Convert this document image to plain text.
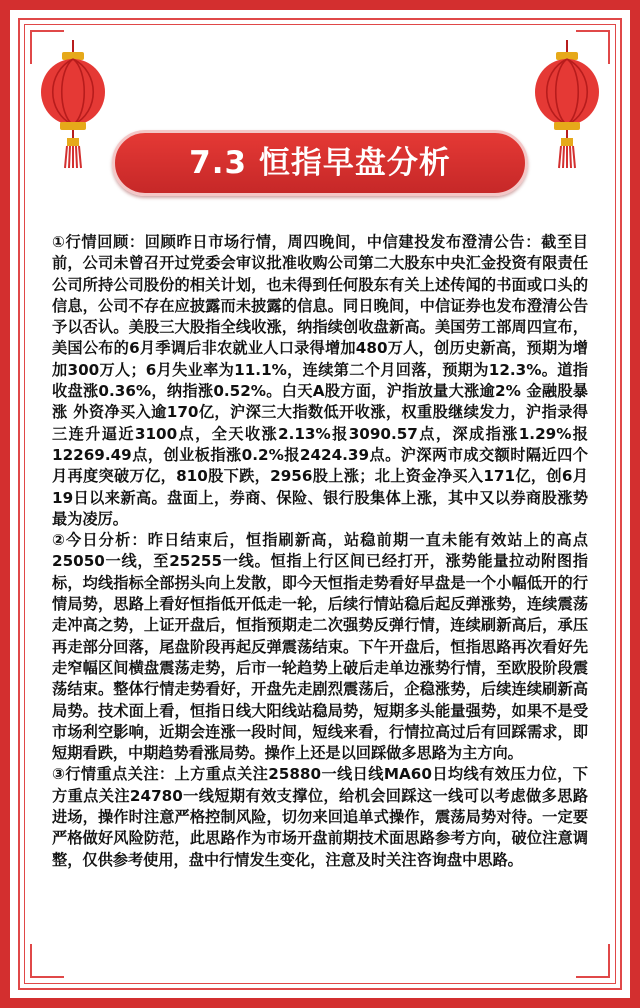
7.3 恒指早盘分析

①行情回顾：回顾昨日市场行情，周四晚间，中信建投发布澄清公告：截至目前，公司未曾召开过党委会审议批准收购公司第二大股东中央汇金投资有限责任公司所持公司股份的相关计划，也未得到任何股东有关上述传闻的书面或口头的信息，公司不存在应披露而未披露的信息。同日晚间，中信证券也发布澄清公告予以否认。美股三大股指全线收涨，纳指续创收盘新高。美国劳工部周四宣布，美国公布的6月季调后非农就业人口录得增加480万人，创历史新高，预期为增加300万人；6月失业率为11.1%，连续第二个月回落，预期为12.3%。道指收盘涨0.36%，纳指涨0.52%。白天A股方面，沪指放量大涨逾2% 金融股暴涨 外资净买入逾170亿，沪深三大指数低开收涨，权重股继续发力，沪指录得三连升逼近3100点，全天收涨2.13%报3090.57点，深成指涨1.29%报12269.49点，创业板指涨0.2%报2424.39点。沪深两市成交额时隔近四个月再度突破万亿，810股下跌，2956股上涨；北上资金净买入171亿，创6月19日以来新高。盘面上，券商、保险、银行股集体上涨，其中又以券商股涨势最为凌厉。

②今日分析：昨日结束后，恒指刷新高，站稳前期一直未能有效站上的高点25050一线，至25255一线。恒指上行区间已经打开，涨势能量拉动附图指标，均线指标全部拐头向上发散，即今天恒指走势看好早盘是一个小幅低开的行情局势，思路上看好恒指低开低走一轮，后续行情站稳后起反弹涨势，连续震荡走冲高之势，上证开盘后，恒指预期走二次强势反弹行情，连续刷新高后，承压再走部分回落，尾盘阶段再起反弹震荡结束。下午开盘后，恒指思路再次看好先走窄幅区间横盘震荡走势，后市一轮趋势上破后走单边涨势行情，至欧股阶段震荡结束。整体行情走势看好，开盘先走剧烈震荡后，企稳涨势，后续连续刷新高局势。技术面上看，恒指日线大阳线站稳局势，短期多头能量强势，如果不是受市场利空影响，近期会连涨一段时间，短线来看，行情拉高过后有回踩需求，即短期看跌，中期趋势看涨局势。操作上还是以回踩做多思路为主方向。

③行情重点关注：上方重点关注25880一线日线MA60日均线有效压力位，下方重点关注24780一线短期有效支撑位，给机会回踩这一线可以考虑做多思路进场，操作时注意严格控制风险，切勿来回追单式操作，震荡局势对待。一定要严格做好风险防范，此思路作为市场开盘前期技术面思路参考方向，破位注意调整，仅供参考使用，盘中行情发生变化，注意及时关注咨询盘中思路。
